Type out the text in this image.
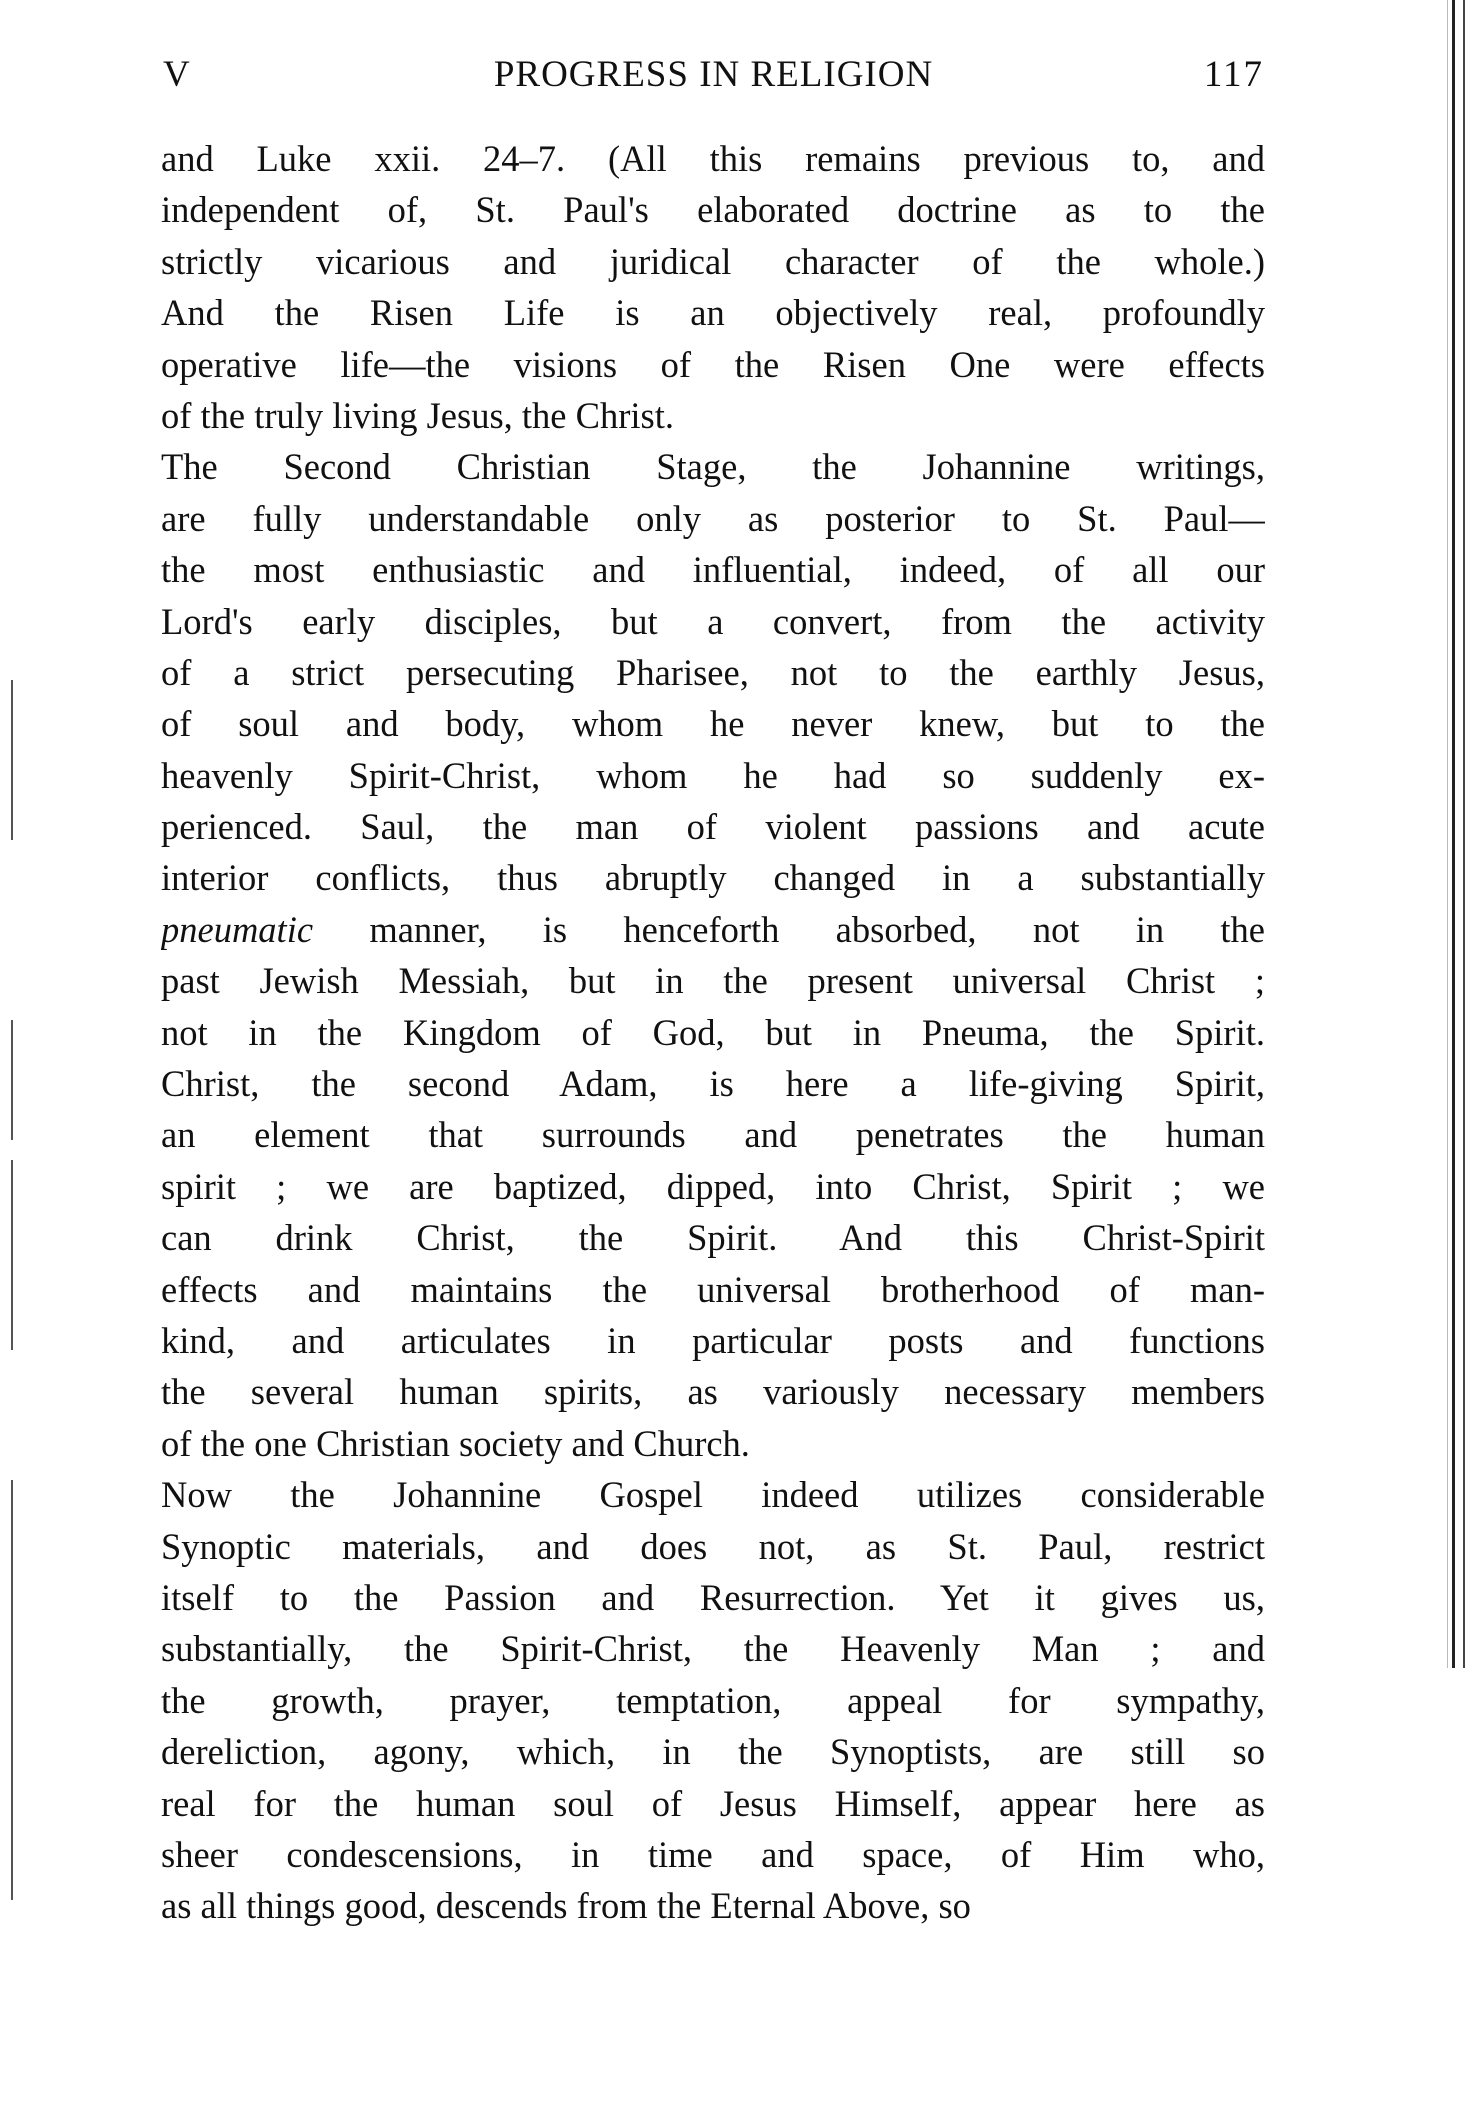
V	PROGRESS IN RELIGION	117
and Luke xxii. 24–7. (All this remains previous to, and
independent of, St. Paul's elaborated doctrine as to the
strictly vicarious and juridical character of the whole.)
And the Risen Life is an objectively real, profoundly
operative life—the visions of the Risen One were effects
of the truly living Jesus, the Christ.
The Second Christian Stage, the Johannine writings,
are fully understandable only as posterior to St. Paul—
the most enthusiastic and influential, indeed, of all our
Lord's early disciples, but a convert, from the activity
of a strict persecuting Pharisee, not to the earthly Jesus,
of soul and body, whom he never knew, but to the
heavenly Spirit-Christ, whom he had so suddenly ex-
perienced. Saul, the man of violent passions and acute
interior conflicts, thus abruptly changed in a substantially
pneumatic manner, is henceforth absorbed, not in the
past Jewish Messiah, but in the present universal Christ ;
not in the Kingdom of God, but in Pneuma, the Spirit.
Christ, the second Adam, is here a life-giving Spirit,
an element that surrounds and penetrates the human
spirit ; we are baptized, dipped, into Christ, Spirit ; we
can drink Christ, the Spirit. And this Christ-Spirit
effects and maintains the universal brotherhood of man-
kind, and articulates in particular posts and functions
the several human spirits, as variously necessary members
of the one Christian society and Church.
Now the Johannine Gospel indeed utilizes considerable
Synoptic materials, and does not, as St. Paul, restrict
itself to the Passion and Resurrection. Yet it gives us,
substantially, the Spirit-Christ, the Heavenly Man ; and
the growth, prayer, temptation, appeal for sympathy,
dereliction, agony, which, in the Synoptists, are still so
real for the human soul of Jesus Himself, appear here as
sheer condescensions, in time and space, of Him who,
as all things good, descends from the Eternal Above, so
